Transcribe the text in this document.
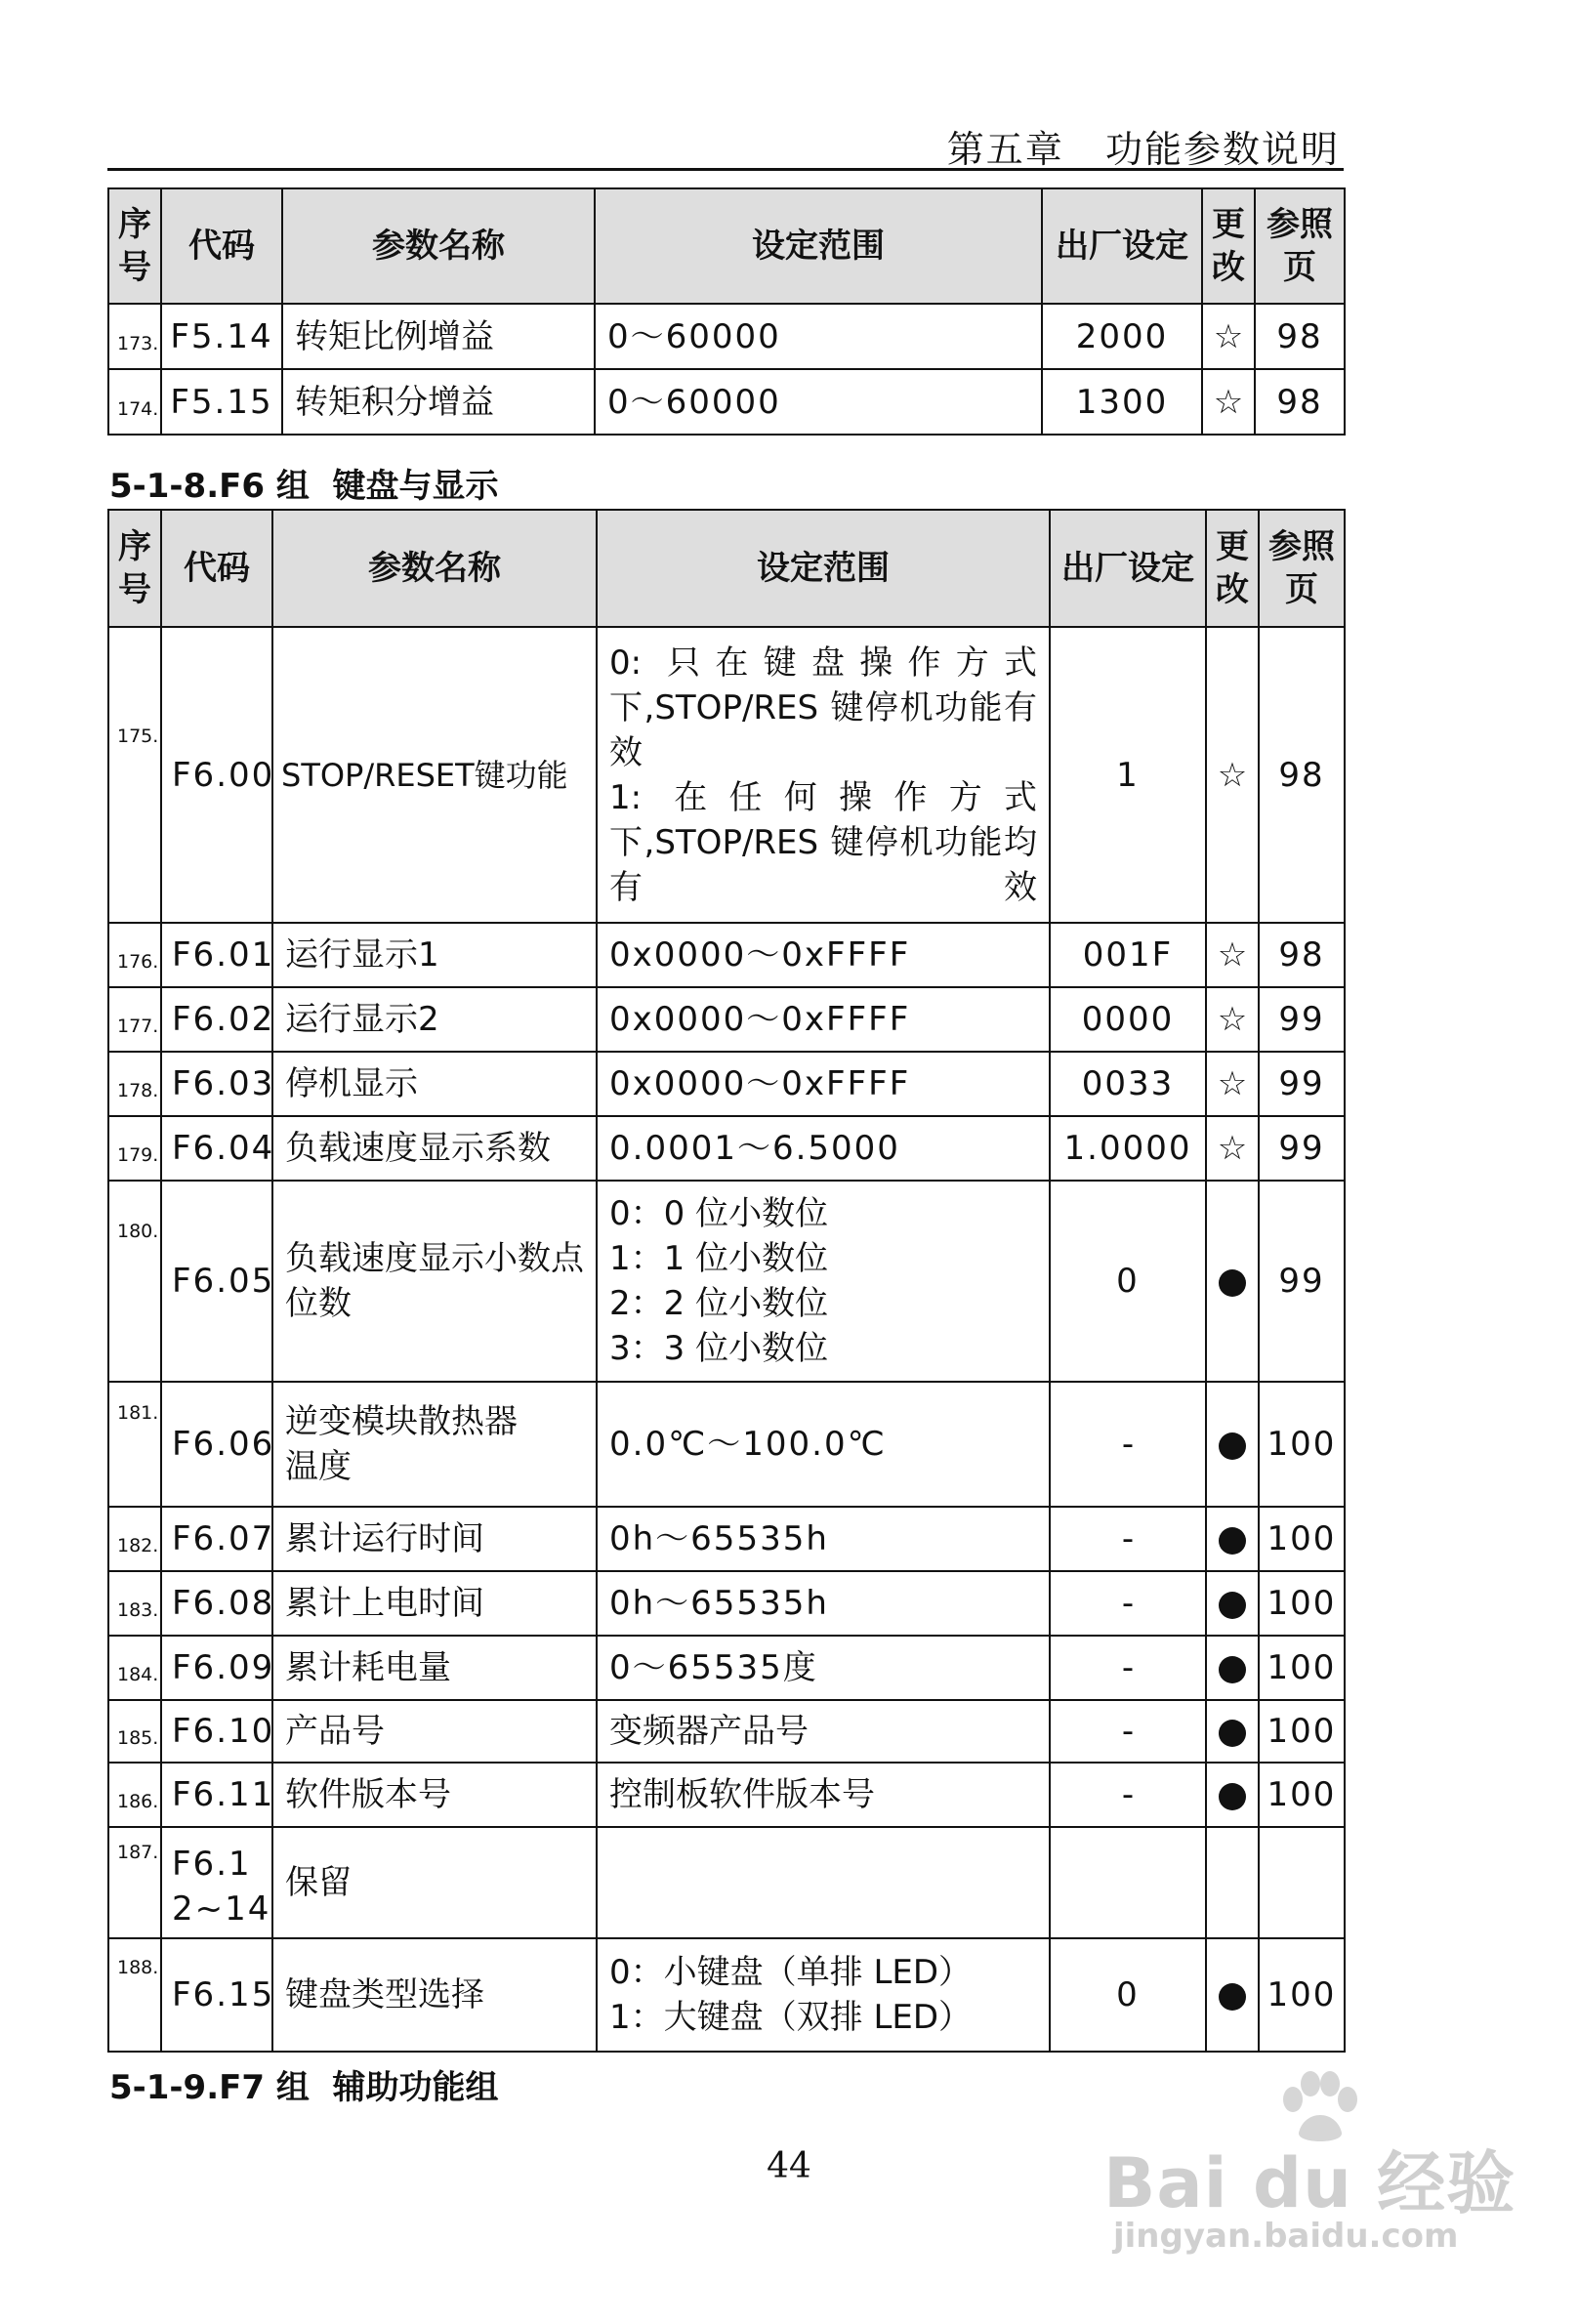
第五章   功能参数说明
序号	代码	参数名称	设定范围	出厂设定	更改	参照页
173.	F5.14	转矩比例增益	0～60000	2000	☆	98
174.	F5.15	转矩积分增益	0～60000	1300	☆	98
5-1-8.F6 组  键盘与显示
序号	代码	参数名称	设定范围	出厂设定	更改	参照页
175.	F6.00	STOP/RESET键功能	0: 只在键盘操作方式下,STOP/RES 键停机功能有效
1: 在任何操作方式下,STOP/RES 键停机功能均有效	1	☆	98
176.	F6.01	运行显示1	0x0000～0xFFFF	001F	☆	98
177.	F6.02	运行显示2	0x0000～0xFFFF	0000	☆	99
178.	F6.03	停机显示	0x0000～0xFFFF	0033	☆	99
179.	F6.04	负载速度显示系数	0.0001～6.5000	1.0000	☆	99
180.	F6.05	负载速度显示小数点位数	0：0 位小数位
1：1 位小数位
2：2 位小数位
3：3 位小数位	0		99
181.	F6.06	逆变模块散热器温度	0.0℃～100.0℃	-		100
182.	F6.07	累计运行时间	0h～65535h	-		100
183.	F6.08	累计上电时间	0h～65535h	-		100
184.	F6.09	累计耗电量	0～65535度	-		100
185.	F6.10	产品号	变频器产品号	-		100
186.	F6.11	软件版本号	控制板软件版本号	-		100
187.	F6.12~14	保留				
188.	F6.15	键盘类型选择	0：小键盘（单排 LED）
1：大键盘（双排 LED）	0		100
5-1-9.F7 组  辅助功能组
44	Bai du 经验
jingyan.baidu.com
